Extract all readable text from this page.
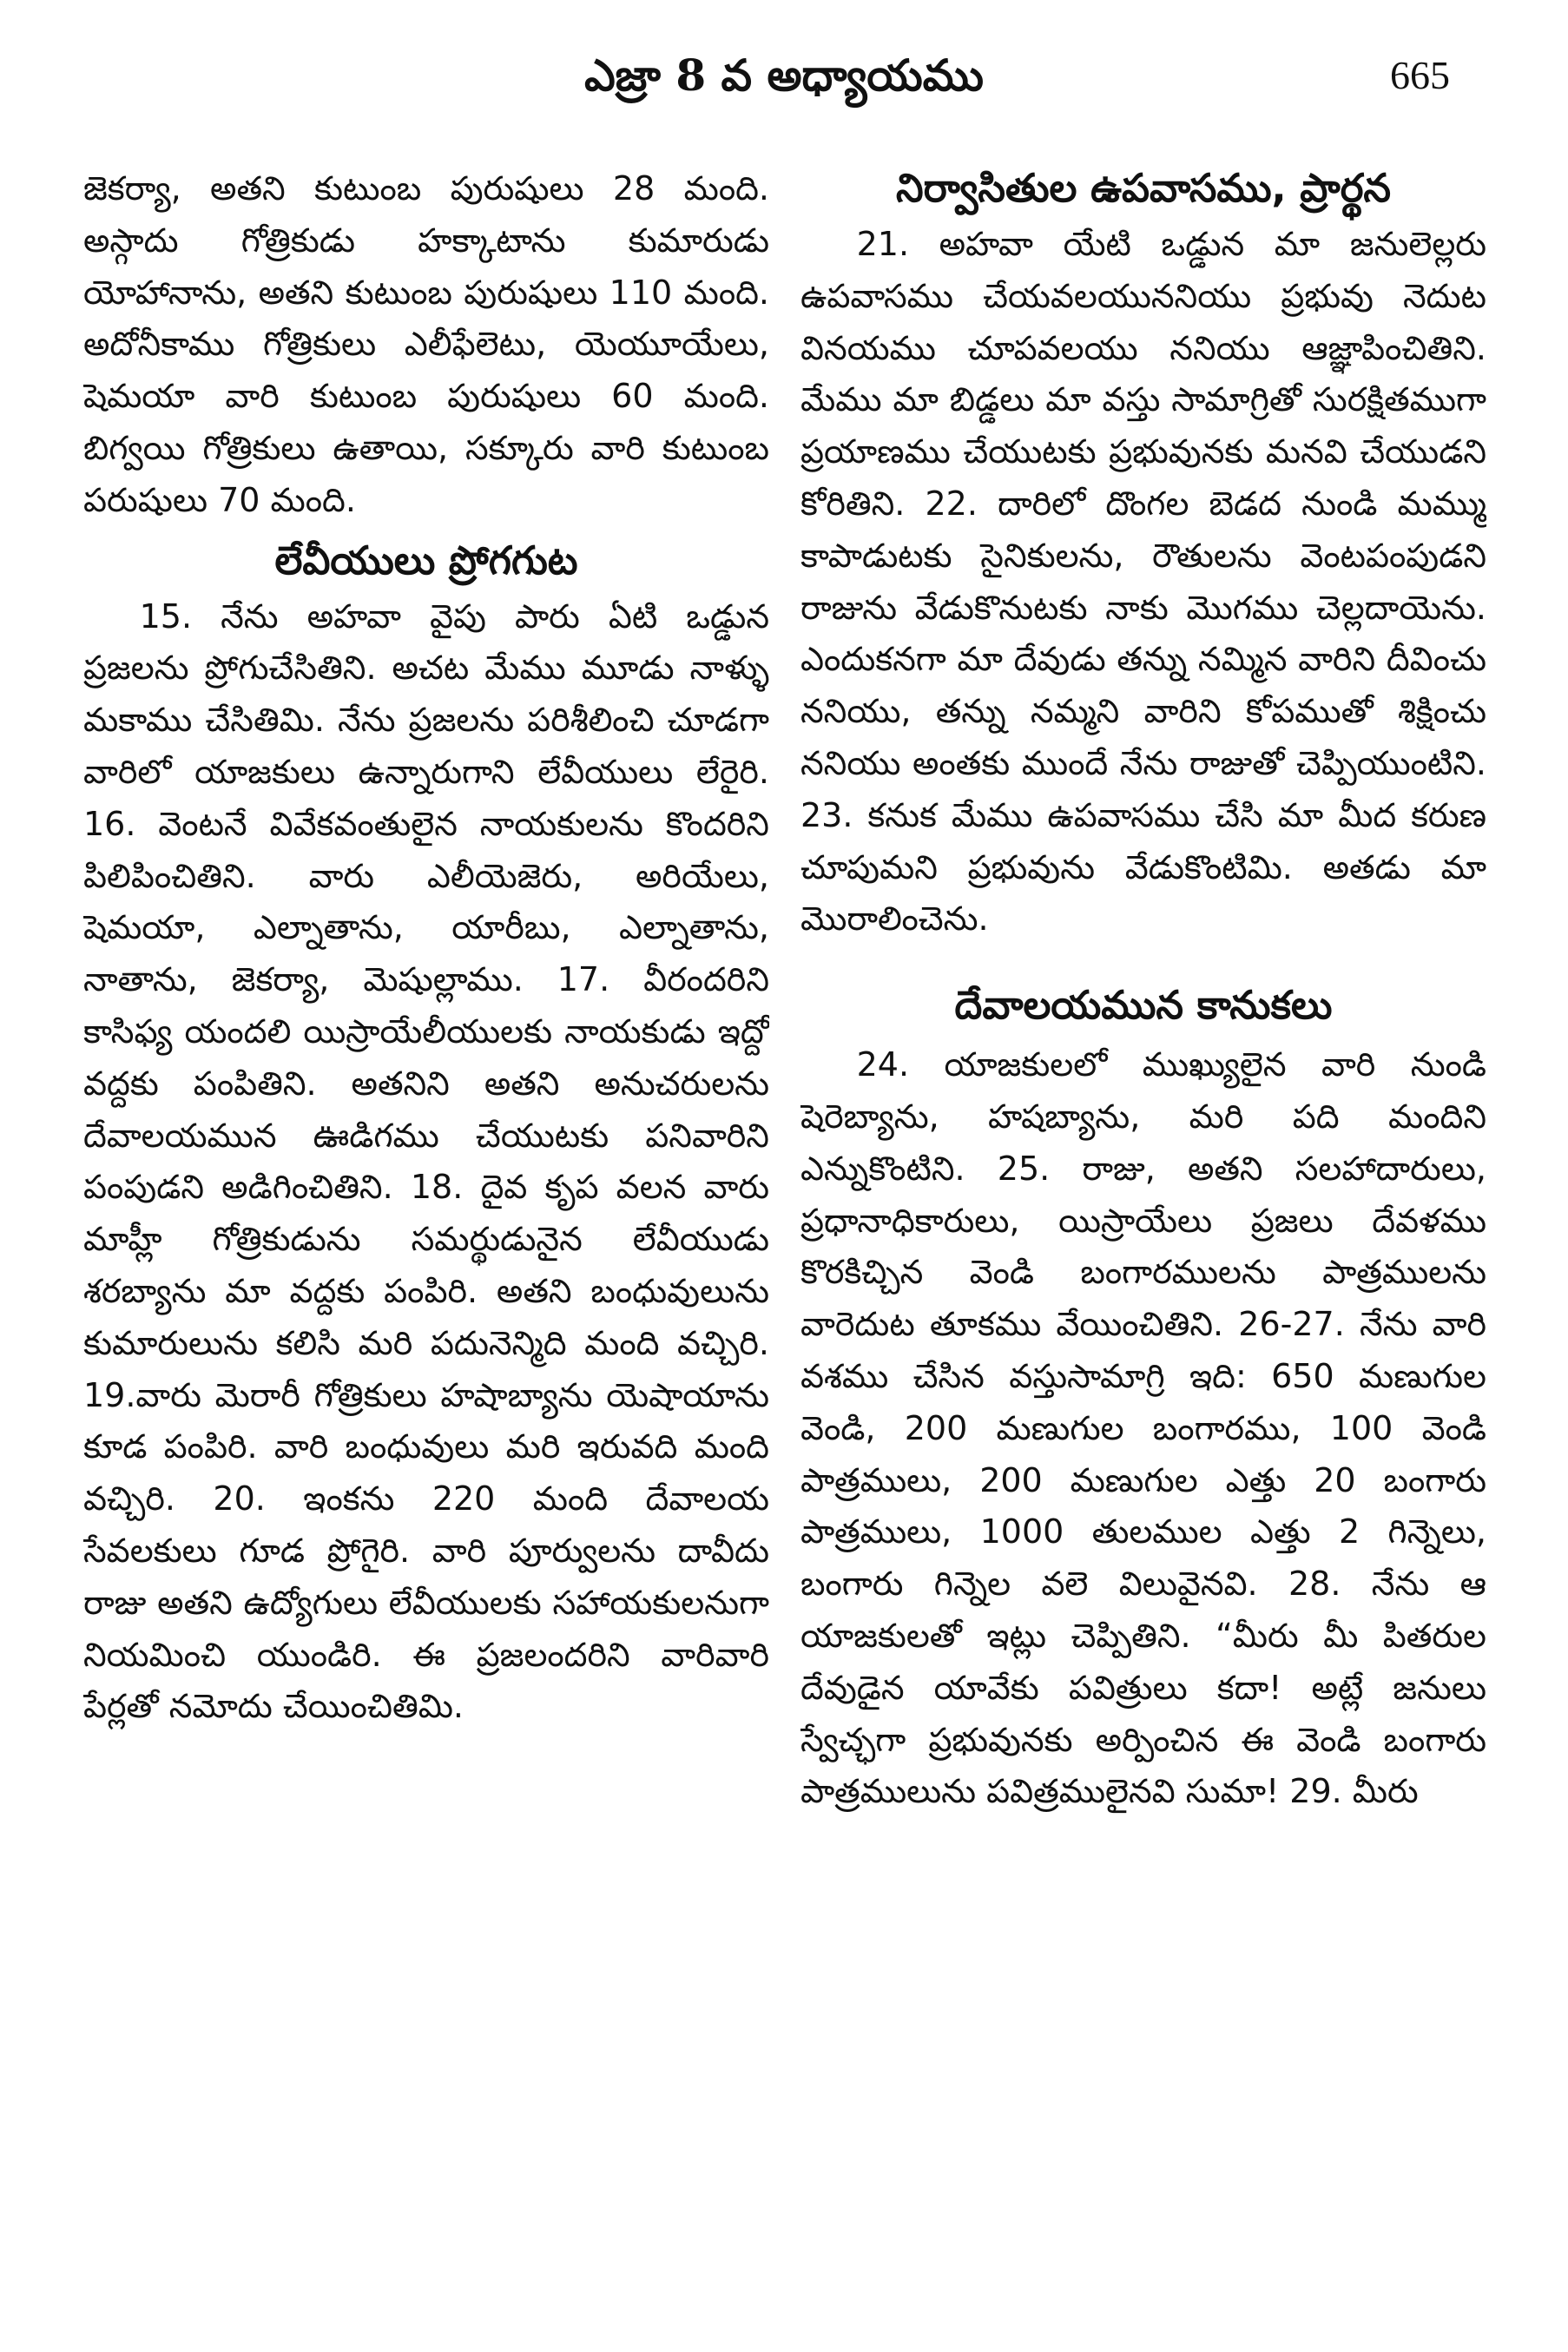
ఎజ్రా 8 వ అధ్యాయము	665

జెకర్యా, అతని కుటుంబ పురుషులు 28 మంది. అస్గాదు గోత్రికుడు హక్కాటాను కుమారుడు యోహానాను, అతని కుటుంబ పురుషులు 110 మంది. అదోనీకాము గోత్రికులు ఎలీఫేలెటు, యెయూయేలు, షెమయా వారి కుటుంబ పురుషులు 60 మంది. బిగ్వయి గోత్రికులు ఉతాయి, సక్కూరు వారి కుటుంబ పరుషులు 70 మంది.

లేవీయులు ప్రోగగుట

15. నేను అహవా వైపు పారు ఏటి ఒడ్డున ప్రజలను ప్రోగుచేసితిని. అచట మేము మూడు నాళ్ళు మకాము చేసితిమి. నేను ప్రజలను పరిశీలించి చూడగా వారిలో యాజకులు ఉన్నారుగాని లేవీయులు లేరైరి. 16. వెంటనే వివేకవంతులైన నాయకులను కొందరిని పిలిపించితిని. వారు ఎలీయెజెరు, అరియేలు, షెమయా, ఎల్నాతాను, యారీబు, ఎల్నాతాను, నాతాను, జెకర్యా, మెషుల్లాము. 17. వీరందరిని కాసిఫ్య యందలి యిస్రాయేలీయులకు నాయకుడు ఇద్దో వద్దకు పంపితిని. అతనిని అతని అనుచరులను దేవాలయమున ఊడిగము చేయుటకు పనివారిని పంపుడని అడిగించితిని. 18. దైవ కృప వలన వారు మాహ్లీ గోత్రికుడును సమర్థుడునైన లేవీయుడు శరబ్యాను మా వద్దకు పంపిరి. అతని బంధువులును కుమారులును కలిసి మరి పదునెన్మిది మంది వచ్చిరి. 19.వారు మెరారీ గోత్రికులు హషాబ్యాను యెషాయాను కూడ పంపిరి. వారి బంధువులు మరి ఇరువది మంది వచ్చిరి. 20. ఇంకను 220 మంది దేవాలయ సేవలకులు గూడ ప్రోగైరి. వారి పూర్వులను దావీదు రాజు అతని ఉద్యోగులు లేవీయులకు సహాయకులనుగా నియమించి యుండిరి. ఈ ప్రజలందరిని వారివారి పేర్లతో నమోదు చేయించితిమి.

నిర్వాసితుల ఉపవాసము, ప్రార్థన

21. అహవా యేటి ఒడ్డున మా జనులెల్లరు ఉపవాసము చేయవలయుననియు ప్రభువు నెదుట వినయము చూపవలయు ననియు ఆజ్ఞాపించితిని. మేము మా బిడ్డలు మా వస్తు సామాగ్రితో సురక్షితముగా ప్రయాణము చేయుటకు ప్రభువునకు మనవి చేయుడని కోరితిని. 22. దారిలో దొంగల బెడద నుండి మమ్ము కాపాడుటకు సైనికులను, రౌతులను వెంటపంపుడని రాజును వేడుకొనుటకు నాకు మొగము చెల్లదాయెను. ఎందుకనగా మా దేవుడు తన్ను నమ్మిన వారిని దీవించు ననియు, తన్ను నమ్మని వారిని కోపముతో శిక్షించు ననియు అంతకు ముందే నేను రాజుతో చెప్పియుంటిని. 23. కనుక మేము ఉపవాసము చేసి మా మీద కరుణ చూపుమని ప్రభువును వేడుకొంటిమి. అతడు మా మొరాలించెను.

దేవాలయమున కానుకలు

24. యాజకులలో ముఖ్యులైన వారి నుండి షెరెబ్యాను, హషబ్యాను, మరి పది మందిని ఎన్నుకొంటిని. 25. రాజు, అతని సలహాదారులు, ప్రధానాధికారులు, యిస్రాయేలు ప్రజలు దేవళము కొరకిచ్చిన వెండి బంగారములను పాత్రములను వారెదుట తూకము వేయించితిని. 26-27. నేను వారి వశము చేసిన వస్తుసామాగ్రి ఇది: 650 మణుగుల వెండి, 200 మణుగుల బంగారము, 100 వెండి పాత్రములు, 200 మణుగుల ఎత్తు 20 బంగారు పాత్రములు, 1000 తులముల ఎత్తు 2 గిన్నెలు, బంగారు గిన్నెల వలె విలువైనవి. 28. నేను ఆ యాజకులతో ఇట్లు చెప్పితిని. “మీరు మీ పితరుల దేవుడైన యావేకు పవిత్రులు కదా! అట్లే జనులు స్వేచ్ఛగా ప్రభువునకు అర్పించిన ఈ వెండి బంగారు పాత్రములును పవిత్రములైనవి సుమా! 29. మీరు
